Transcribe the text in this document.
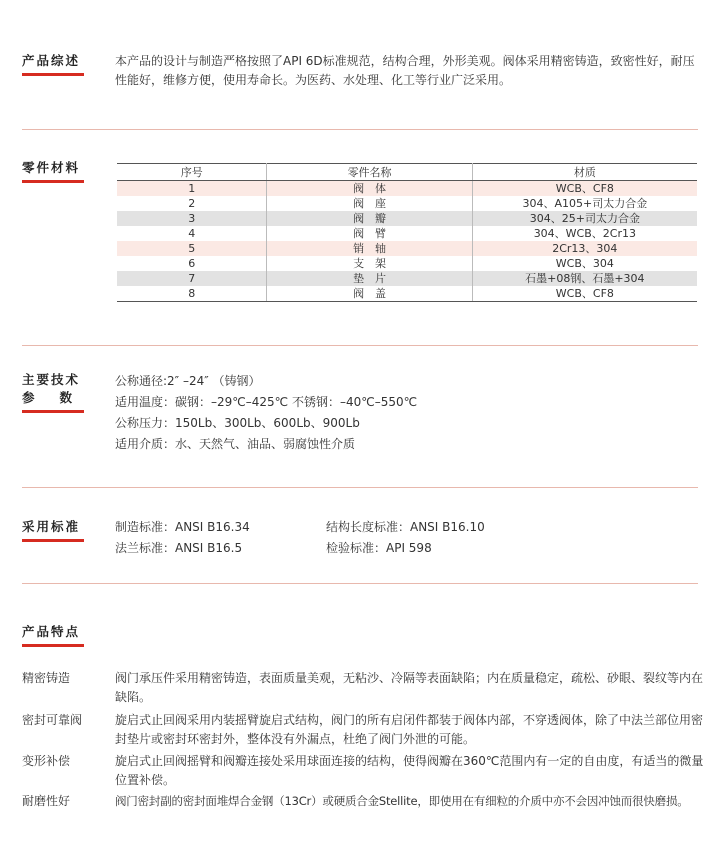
产品综述	本产品的设计与制造严格按照了API 6D标准规范，结构合理，外形美观。阀体采用精密铸造，致密性好，耐压性能好，维修方便，使用寿命长。为医药、水处理、化工等行业广泛采用。
零件材料	序号	零件名称	材质
1	阀　体	WCB、CF8
2	阀　座	304、A105+司太力合金
3	阀　瓣	304、25+司太力合金
4	阀　臂	304、WCB、2Cr13
5	销　轴	2Cr13、304
6	支　架	WCB、304
7	垫　片	石墨+08钢、石墨+304
8	阀　盖	WCB、CF8
主要技术
参　　数
公称通径:2″ –24″ （铸钢）
适用温度：碳钢：–29℃–425℃ 不锈钢：–40℃–550℃
公称压力：150Lb、300Lb、600Lb、900Lb
适用介质：水、天然气、油品、弱腐蚀性介质
采用标准	制造标准：ANSI B16.34	结构长度标准：ANSI B16.10
法兰标准：ANSI B16.5	检验标准：API 598
产品特点
精密铸造	阀门承压件采用精密铸造，表面质量美观，无粘沙、冷隔等表面缺陷；内在质量稳定，疏松、砂眼、裂纹等内在缺陷。
密封可靠阀	旋启式止回阀采用内装摇臂旋启式结构，阀门的所有启闭件都装于阀体内部，不穿透阀体，除了中法兰部位用密封垫片或密封环密封外，整体没有外漏点，杜绝了阀门外泄的可能。
变形补偿	旋启式止回阀摇臂和阀瓣连接处采用球面连接的结构，使得阀瓣在360℃范围内有一定的自由度，有适当的微量位置补偿。
耐磨性好	阀门密封副的密封面堆焊合金钢（13Cr）或硬质合金Stellite，即使用在有细粒的介质中亦不会因冲蚀而很快磨损。
